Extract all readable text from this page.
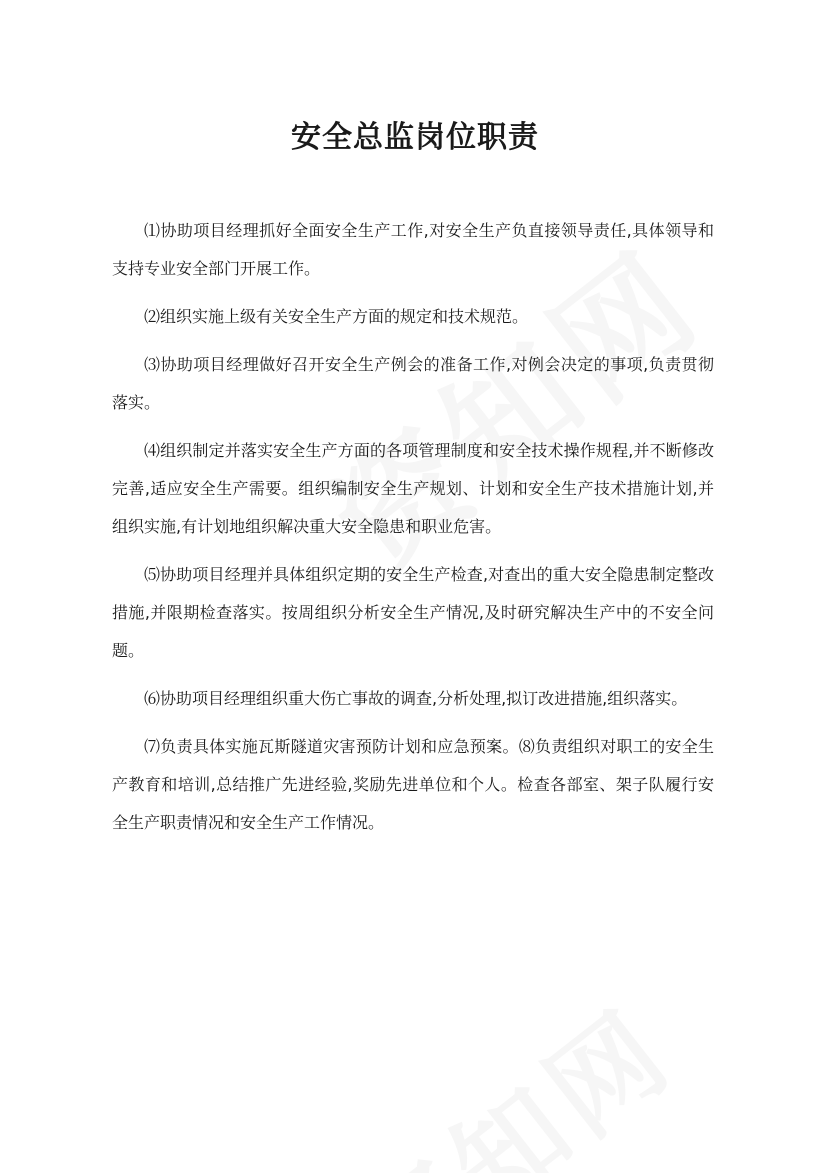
安全总监岗位职责

⑴协助项目经理抓好全面安全生产工作,对安全生产负直接领导责任,具体领导和支持专业安全部门开展工作。

⑵组织实施上级有关安全生产方面的规定和技术规范。

⑶协助项目经理做好召开安全生产例会的准备工作,对例会决定的事项,负责贯彻落实。

⑷组织制定并落实安全生产方面的各项管理制度和安全技术操作规程,并不断修改完善,适应安全生产需要。组织编制安全生产规划、计划和安全生产技术措施计划,并组织实施,有计划地组织解决重大安全隐患和职业危害。

⑸协助项目经理并具体组织定期的安全生产检查,对查出的重大安全隐患制定整改措施,并限期检查落实。按周组织分析安全生产情况,及时研究解决生产中的不安全问题。

⑹协助项目经理组织重大伤亡事故的调查,分析处理,拟订改进措施,组织落实。

⑺负责具体实施瓦斯隧道灾害预防计划和应急预案。⑻负责组织对职工的安全生产教育和培训,总结推广先进经验,奖励先进单位和个人。检查各部室、架子队履行安全生产职责情况和安全生产工作情况。
